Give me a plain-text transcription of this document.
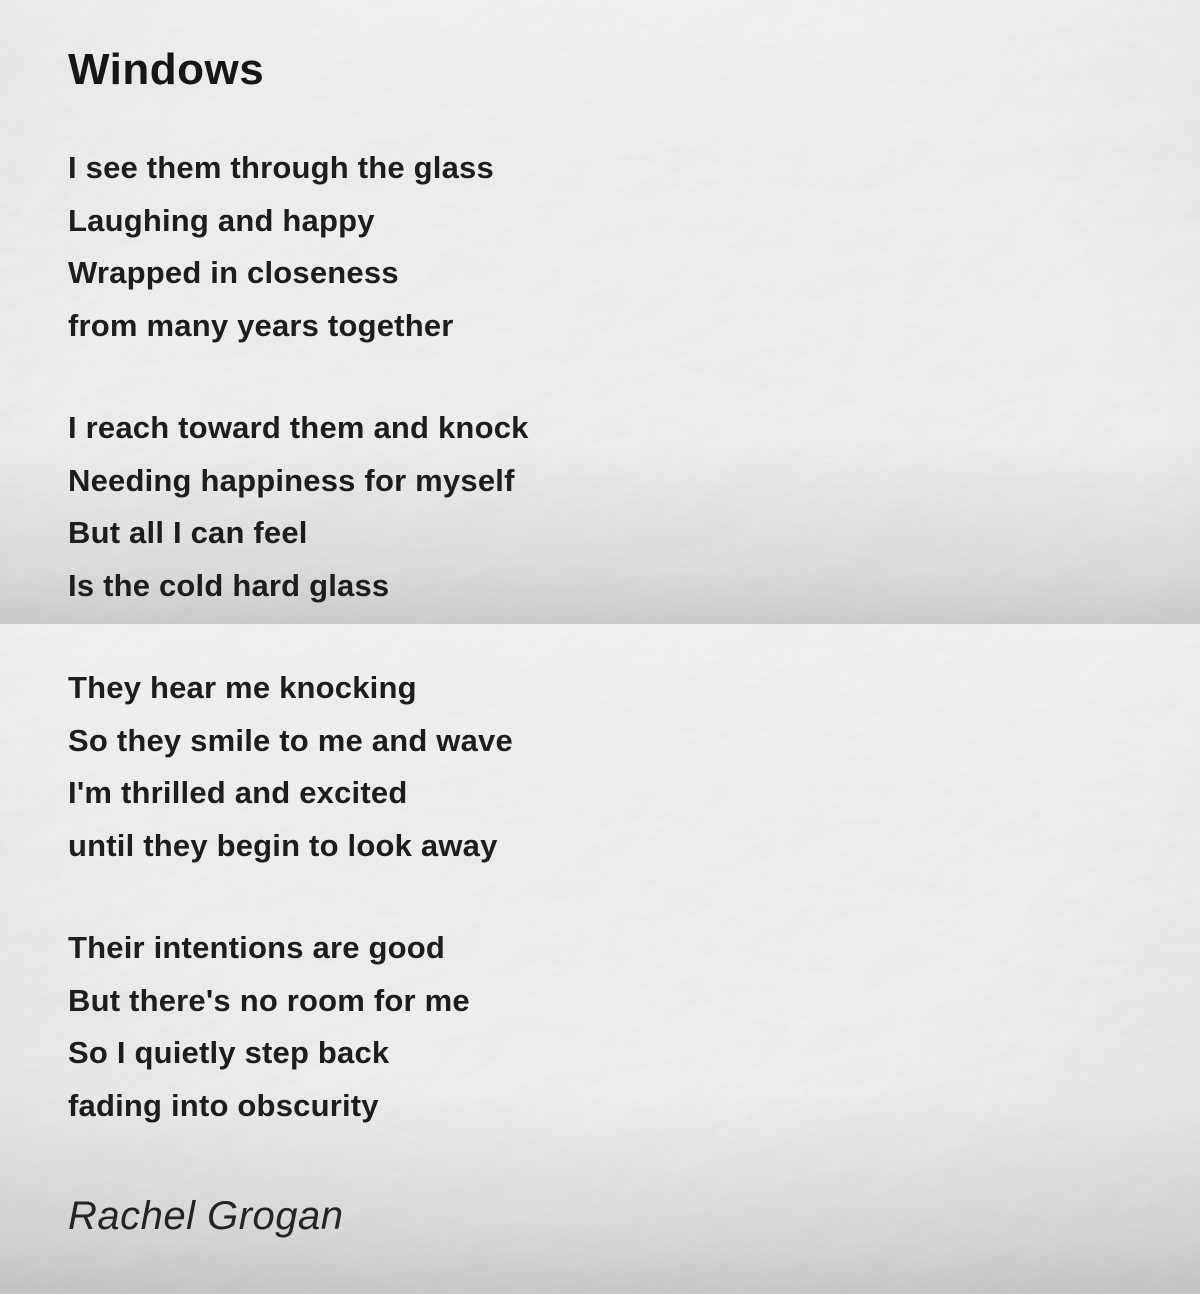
Windows
I see them through the glass
Laughing and happy
Wrapped in closeness
from many years together
I reach toward them and knock
Needing happiness for myself
But all I can feel
Is the cold hard glass
They hear me knocking
So they smile to me and wave
I'm thrilled and excited
until they begin to look away
Their intentions are good
But there's no room for me
So I quietly step back
fading into obscurity
Rachel Grogan
